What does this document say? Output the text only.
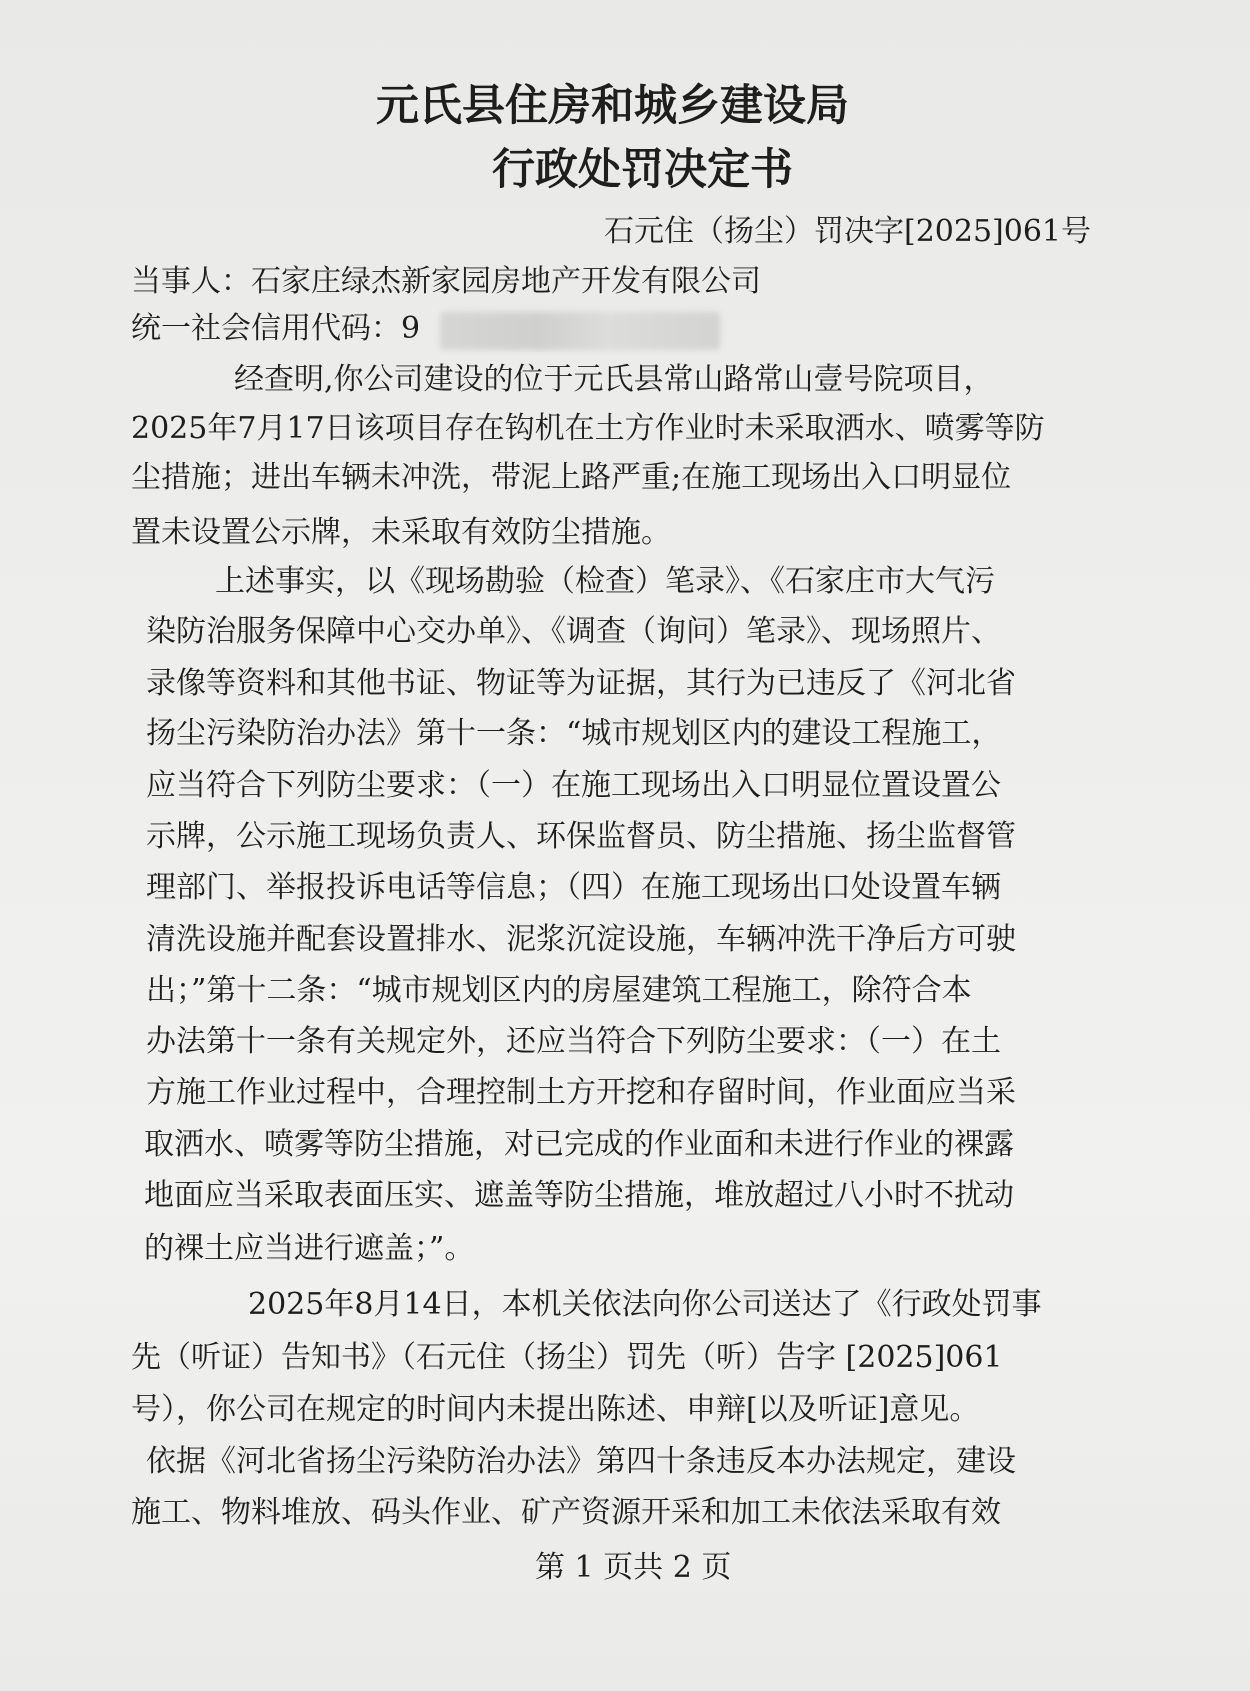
元氏县住房和城乡建设局
行政处罚决定书
石元住（扬尘）罚决字[2025]061号
当事人：石家庄绿杰新家园房地产开发有限公司
统一社会信用代码：9
经查明,你公司建设的位于元氏县常山路常山壹号院项目，
2025年7月17日该项目存在钩机在土方作业时未采取洒水、喷雾等防
尘措施；进出车辆未冲洗，带泥上路严重;在施工现场出入口明显位
置未设置公示牌，未采取有效防尘措施。
上述事实，以《现场勘验（检查）笔录》、《石家庄市大气污
染防治服务保障中心交办单》、《调查（询问）笔录》、现场照片、
录像等资料和其他书证、物证等为证据，其行为已违反了《河北省
扬尘污染防治办法》第十一条：“城市规划区内的建设工程施工，
应当符合下列防尘要求：（一）在施工现场出入口明显位置设置公
示牌，公示施工现场负责人、环保监督员、防尘措施、扬尘监督管
理部门、举报投诉电话等信息；（四）在施工现场出口处设置车辆
清洗设施并配套设置排水、泥浆沉淀设施，车辆冲洗干净后方可驶
出；”第十二条：“城市规划区内的房屋建筑工程施工，除符合本
办法第十一条有关规定外，还应当符合下列防尘要求：（一）在土
方施工作业过程中，合理控制土方开挖和存留时间，作业面应当采
取洒水、喷雾等防尘措施，对已完成的作业面和未进行作业的裸露
地面应当采取表面压实、遮盖等防尘措施，堆放超过八小时不扰动
的裸土应当进行遮盖；”。
2025年8月14日，本机关依法向你公司送达了《行政处罚事
先（听证）告知书》（石元住（扬尘）罚先（听）告字 [2025]061
号），你公司在规定的时间内未提出陈述、申辩[以及听证]意见。
依据《河北省扬尘污染防治办法》第四十条违反本办法规定，建设
施工、物料堆放、码头作业、矿产资源开采和加工未依法采取有效
第 1 页共 2 页
